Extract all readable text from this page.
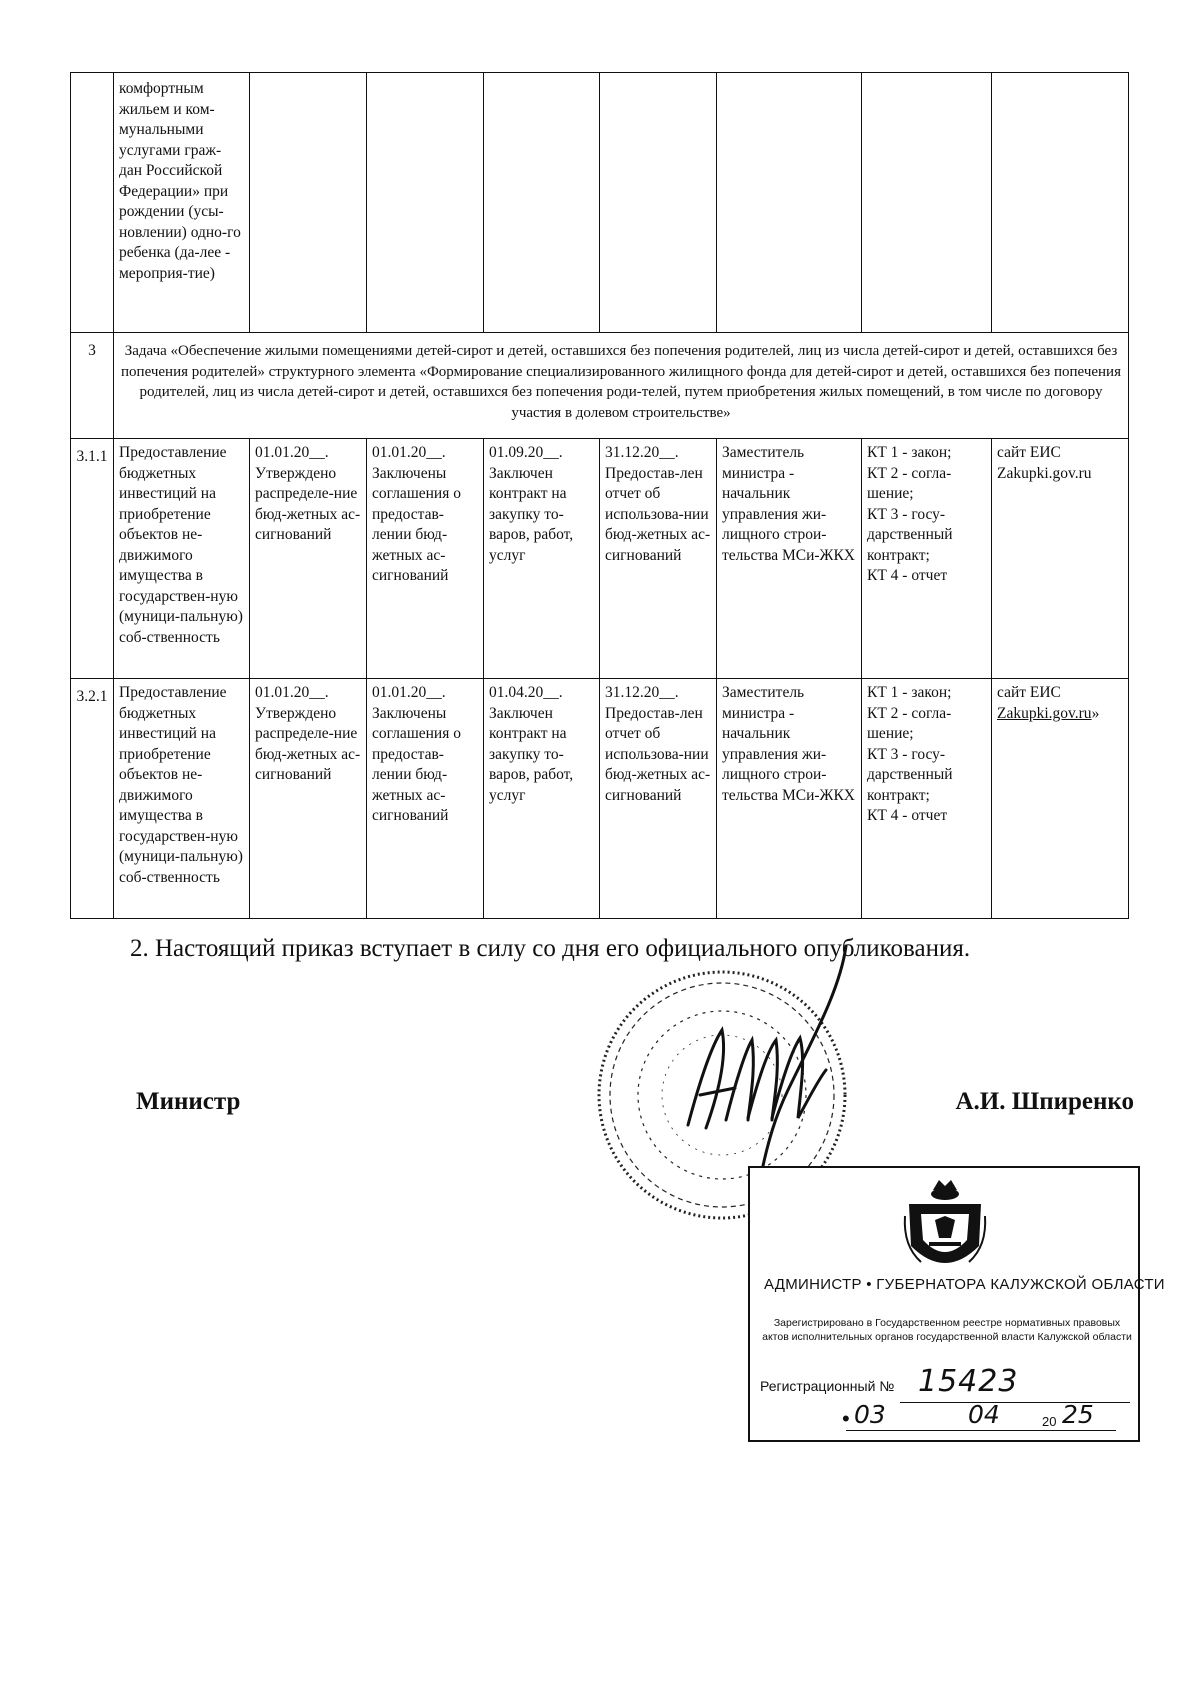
	комфортным жильем и ком-мунальными услугами граж-дан Российской Федерации» при рождении (усы-новлении) одно-го ребенка (да-лее - мероприя-тие)							
3	Задача «Обеспечение жилыми помещениями детей-сирот и детей, оставшихся без попечения родителей, лиц из числа детей-сирот и детей, оставшихся без попечения родителей» структурного элемента «Формирование специализированного жилищного фонда для детей-сирот и детей, оставшихся без попечения родителей, лиц из числа детей-сирот и детей, оставшихся без попечения роди-телей, путем приобретения жилых помещений, в том числе по договору участия в долевом строительстве»							
3.1.1	Предоставление бюджетных инвестиций на приобретение объектов не-движимого имущества в государствен-ную (муници-пальную) соб-ственность	01.01.20__. Утверждено распределе-ние бюд-жетных ас-сигнований	01.01.20__. Заключены соглашения о предостав-лении бюд-жетных ас-сигнований	01.09.20__. Заключен контракт на закупку то-варов, работ, услуг	31.12.20__. Предостав-лен отчет об использова-нии бюд-жетных ас-сигнований	Заместитель министра - начальник управления жи-лищного строи-тельства МСи-ЖКХ	КТ 1 - закон;
КТ 2 - согла-шение;
КТ 3 - госу-дарственный контракт;
КТ 4 - отчет	сайт ЕИС
Zakupki.gov.ru

3.2.1	Предоставление бюджетных инвестиций на приобретение объектов не-движимого имущества в государствен-ную (муници-пальную) соб-ственность	01.01.20__. Утверждено распределе-ние бюд-жетных ас-сигнований	01.01.20__. Заключены соглашения о предостав-лении бюд-жетных ас-сигнований	01.04.20__. Заключен контракт на закупку то-варов, работ, услуг	31.12.20__. Предостав-лен отчет об использова-нии бюд-жетных ас-сигнований	Заместитель министра - начальник управления жи-лищного строи-тельства МСи-ЖКХ	КТ 1 - закон;
КТ 2 - согла-шение;
КТ 3 - госу-дарственный контракт;
КТ 4 - отчет	сайт ЕИС
Zakupki.gov.ru»
2. Настоящий приказ вступает в силу со дня его официального опубликования.
Министр	А.И. Шпиренко
АДМИНИСТР • ГУБЕРНАТОРА КАЛУЖСКОЙ ОБЛАСТИ
Зарегистрировано в Государственном реестре нормативных правовых актов исполнительных органов государственной власти Калужской области
Регистрационный № 15423
• 03	04	20 25
